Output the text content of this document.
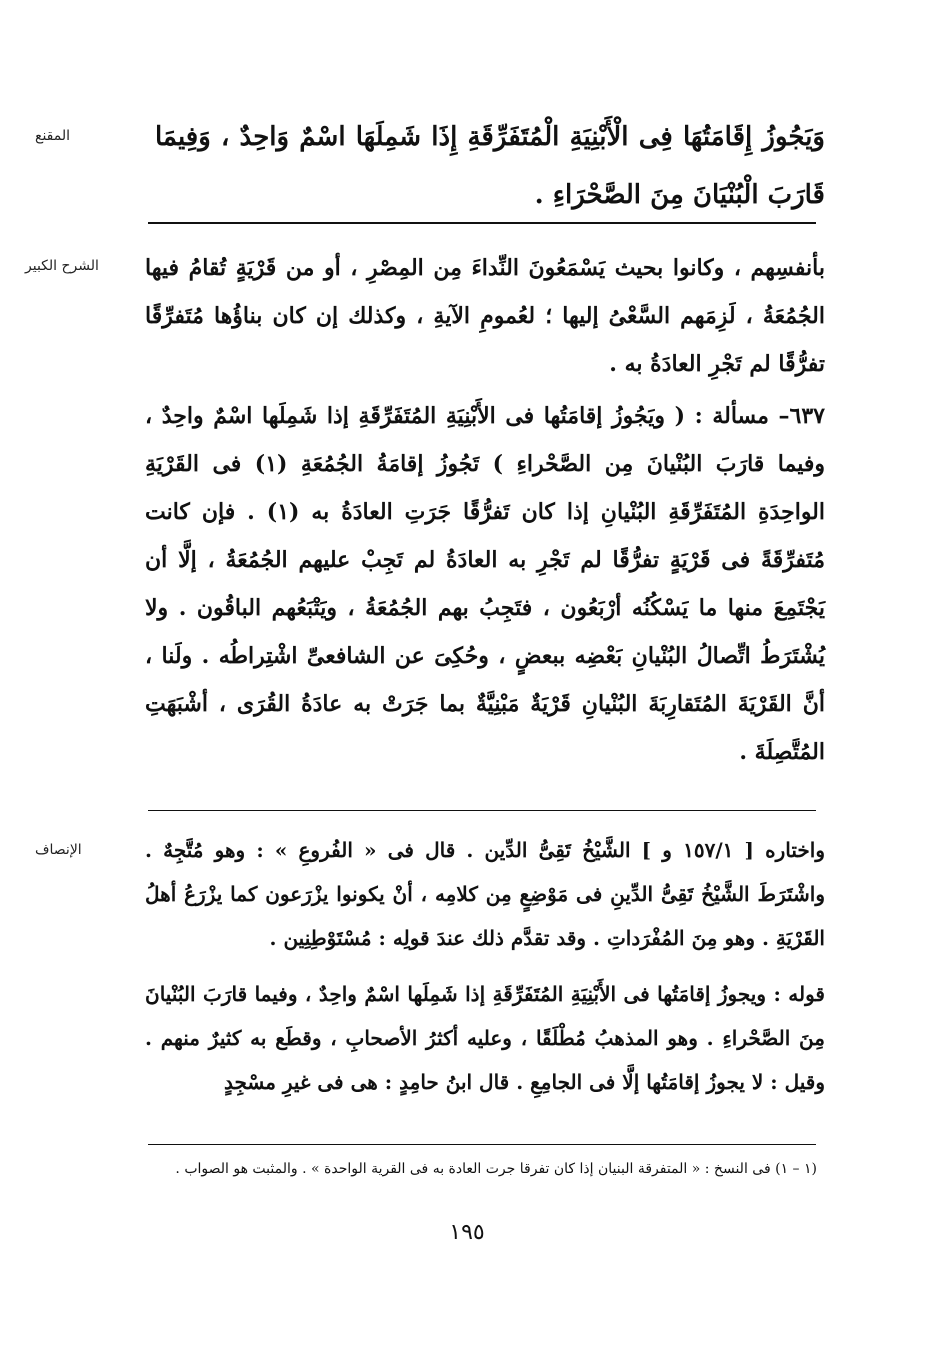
المقنع	وَيَجُوزُ إِقَامَتُهَا فِى الْأَبْنِيَةِ الْمُتَفَرِّقَةِ إِذَا شَمِلَهَا اسْمٌ وَاحِدٌ ، وَفِيمَا قَارَبَ الْبُنْيَانَ مِنَ الصَّحْرَاءِ .

الشرح الكبير	بأنفسِهم ، وكانوا بحيث يَسْمَعُونَ النِّداءَ مِن المِصْرِ ، أو من قَرْيَةٍ تُقامُ فيها الجُمُعَةُ ، لَزِمَهم السَّعْىُ إليها ؛ لعُمومِ الآيةِ ، وكذلك إن كان بناؤُها مُتَفرِّقًا تفرُّقًا لم تَجْرِ العادَةُ به .

٦٣٧– مسألة : ( ويَجُوزُ إقامَتُها فى الأَبْنِيَةِ المُتَفَرِّقَةِ إذا شَمِلَها اسْمٌ واحِدٌ ، وفيما قارَبَ البُنْيانَ مِن الصَّحْراءِ ) تَجُوزُ إقامَةُ الجُمُعَةِ (١) فى القَرْيَةِ الواحِدَةِ المُتَفَرِّقَةِ البُنْيانِ إذا كان تَفرُّقًا جَرَتِ العادَةُ به (١) . فإن كانت مُتَفرِّقَةً فى قَرْيَةٍ تفرُّقًا لم تَجْرِ به العادَةُ لم تَجِبْ عليهم الجُمُعَةُ ، إلَّا أن يَجْتَمِعَ منها ما يَسْكُنُه أرْبَعُون ، فتَجِبُ بهم الجُمُعَةُ ، ويَتْبَعُهم الباقُون . ولا يُشْتَرَطُ اتِّصالُ البُنْيانِ بَعْضِه ببعضٍ ، وحُكِىَ عن الشافعىِّ اشْتِراطُه . ولَنا ، أنَّ القَرْيَةَ المُتَقارِبَةَ البُنْيانِ قَرْيَةٌ مَبْنِيَّةٌ بما جَرَتْ به عادَةُ القُرَى ، أشْبَهَتِ المُتَّصِلَةَ .

الإنصاف	واختاره [ ١٥٧/١ و ] الشَّيْخُ تَقِىُّ الدِّين . قال فى « الفُروعِ » : وهو مُتَّجِهٌ . واشْتَرَطَ الشَّيْخُ تَقِىُّ الدِّينِ فى مَوْضِعٍ مِن كلامِه ، أنْ يكونوا يزْرَعون كما يزْرَعُ أهلُ القَرْيَةِ . وهو مِنَ المُفْرَداتِ . وقد تقدَّم ذلك عندَ قولِه : مُسْتَوْطِنِين .

قوله : ويجوزُ إقامَتُها فى الأَبْنِيَةِ المُتَفَرِّقَةِ إذا شَمِلَها اسْمٌ واحِدٌ ، وفيما قارَبَ البُنْيانَ مِنَ الصَّحْراءِ . وهو المذهبُ مُطْلَقًا ، وعليه أكثرُ الأصحابِ ، وقطَع به كثيرٌ منهم . وقيل : لا يجوزُ إقامَتُها إلَّا فى الجامِعِ . قال ابنُ حامِدٍ : هى فى غيرِ مسْجِدٍ

(١ – ١) فى النسخ : « المتفرقة البنيان إذا كان تفرقا جرت العادة به فى القرية الواحدة » . والمثبت هو الصواب .
١٩٥
